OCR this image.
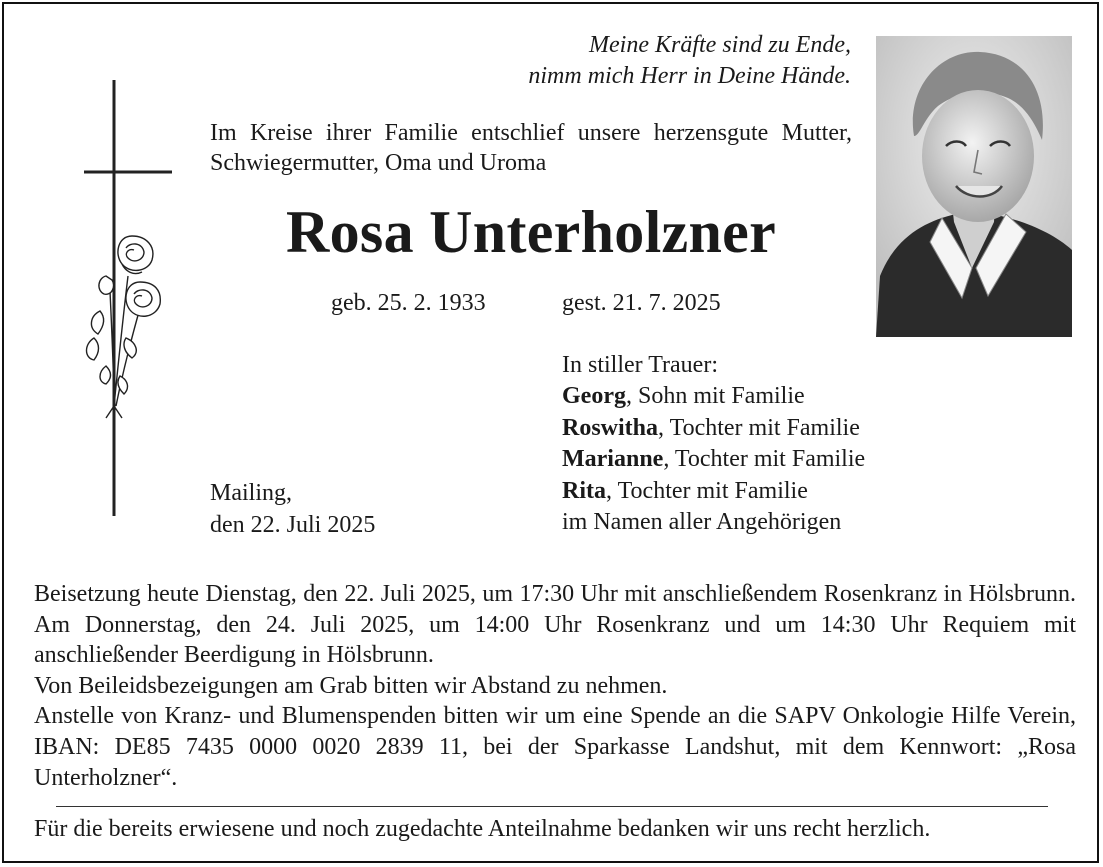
Meine Kräfte sind zu Ende,
nimm mich Herr in Deine Hände.
Im Kreise ihrer Familie entschlief unsere herzensgute Mutter, Schwiegermutter, Oma und Uroma
Rosa Unterholzner
geb. 25. 2. 1933	gest. 21. 7. 2025
Mailing,
den 22. Juli 2025
In stiller Trauer:
Georg, Sohn mit Familie
Roswitha, Tochter mit Familie
Marianne, Tochter mit Familie
Rita, Tochter mit Familie
im Namen aller Angehörigen

Beisetzung heute Dienstag, den 22. Juli 2025, um 17:30 Uhr mit anschließendem Rosenkranz in Hölsbrunn. Am Donnerstag, den 24. Juli 2025, um 14:00 Uhr Rosenkranz und um 14:30 Uhr Requiem mit anschließender Beerdigung in Hölsbrunn.

Von Beileidsbezeigungen am Grab bitten wir Abstand zu nehmen.

Anstelle von Kranz- und Blumenspenden bitten wir um eine Spende an die SAPV Onkologie Hilfe Verein, IBAN: DE85 7435 0000 0020 2839 11, bei der Sparkasse Landshut, mit dem Kennwort: „Rosa Unterholzner“.

Für die bereits erwiesene und noch zugedachte Anteilnahme bedanken wir uns recht herzlich.
